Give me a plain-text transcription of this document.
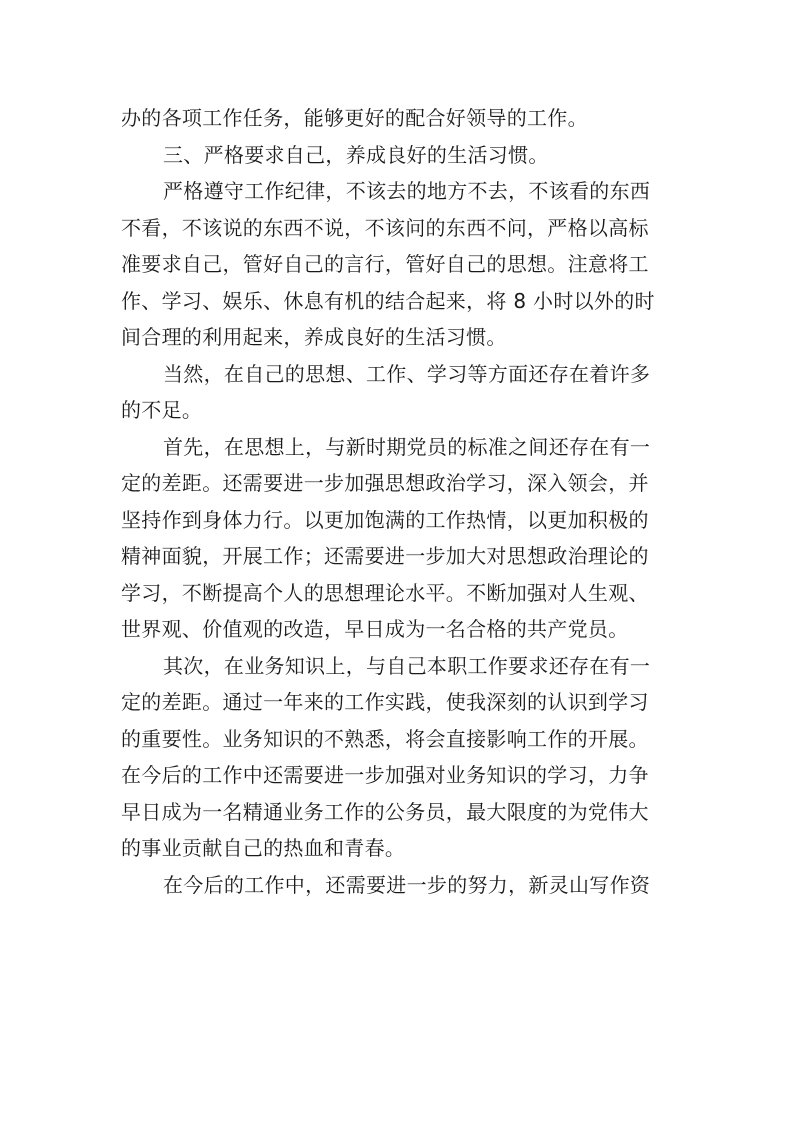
办的各项工作任务，能够更好的配合好领导的工作。

三、严格要求自己，养成良好的生活习惯。

严格遵守工作纪律，不该去的地方不去，不该看的东西
不看，不该说的东西不说，不该问的东西不问，严格以高标
准要求自己，管好自己的言行，管好自己的思想。注意将工
作、学习、娱乐、休息有机的结合起来，将 8 小时以外的时
间合理的利用起来，养成良好的生活习惯。

当然，在自己的思想、工作、学习等方面还存在着许多
的不足。

首先，在思想上，与新时期党员的标准之间还存在有一
定的差距。还需要进一步加强思想政治学习，深入领会，并
坚持作到身体力行。以更加饱满的工作热情，以更加积极的
精神面貌，开展工作；还需要进一步加大对思想政治理论的
学习，不断提高个人的思想理论水平。不断加强对人生观、
世界观、价值观的改造，早日成为一名合格的共产党员。

其次，在业务知识上，与自己本职工作要求还存在有一
定的差距。通过一年来的工作实践，使我深刻的认识到学习
的重要性。业务知识的不熟悉，将会直接影响工作的开展。
在今后的工作中还需要进一步加强对业务知识的学习，力争
早日成为一名精通业务工作的公务员，最大限度的为党伟大
的事业贡献自己的热血和青春。

在今后的工作中，还需要进一步的努力，新灵山写作资
